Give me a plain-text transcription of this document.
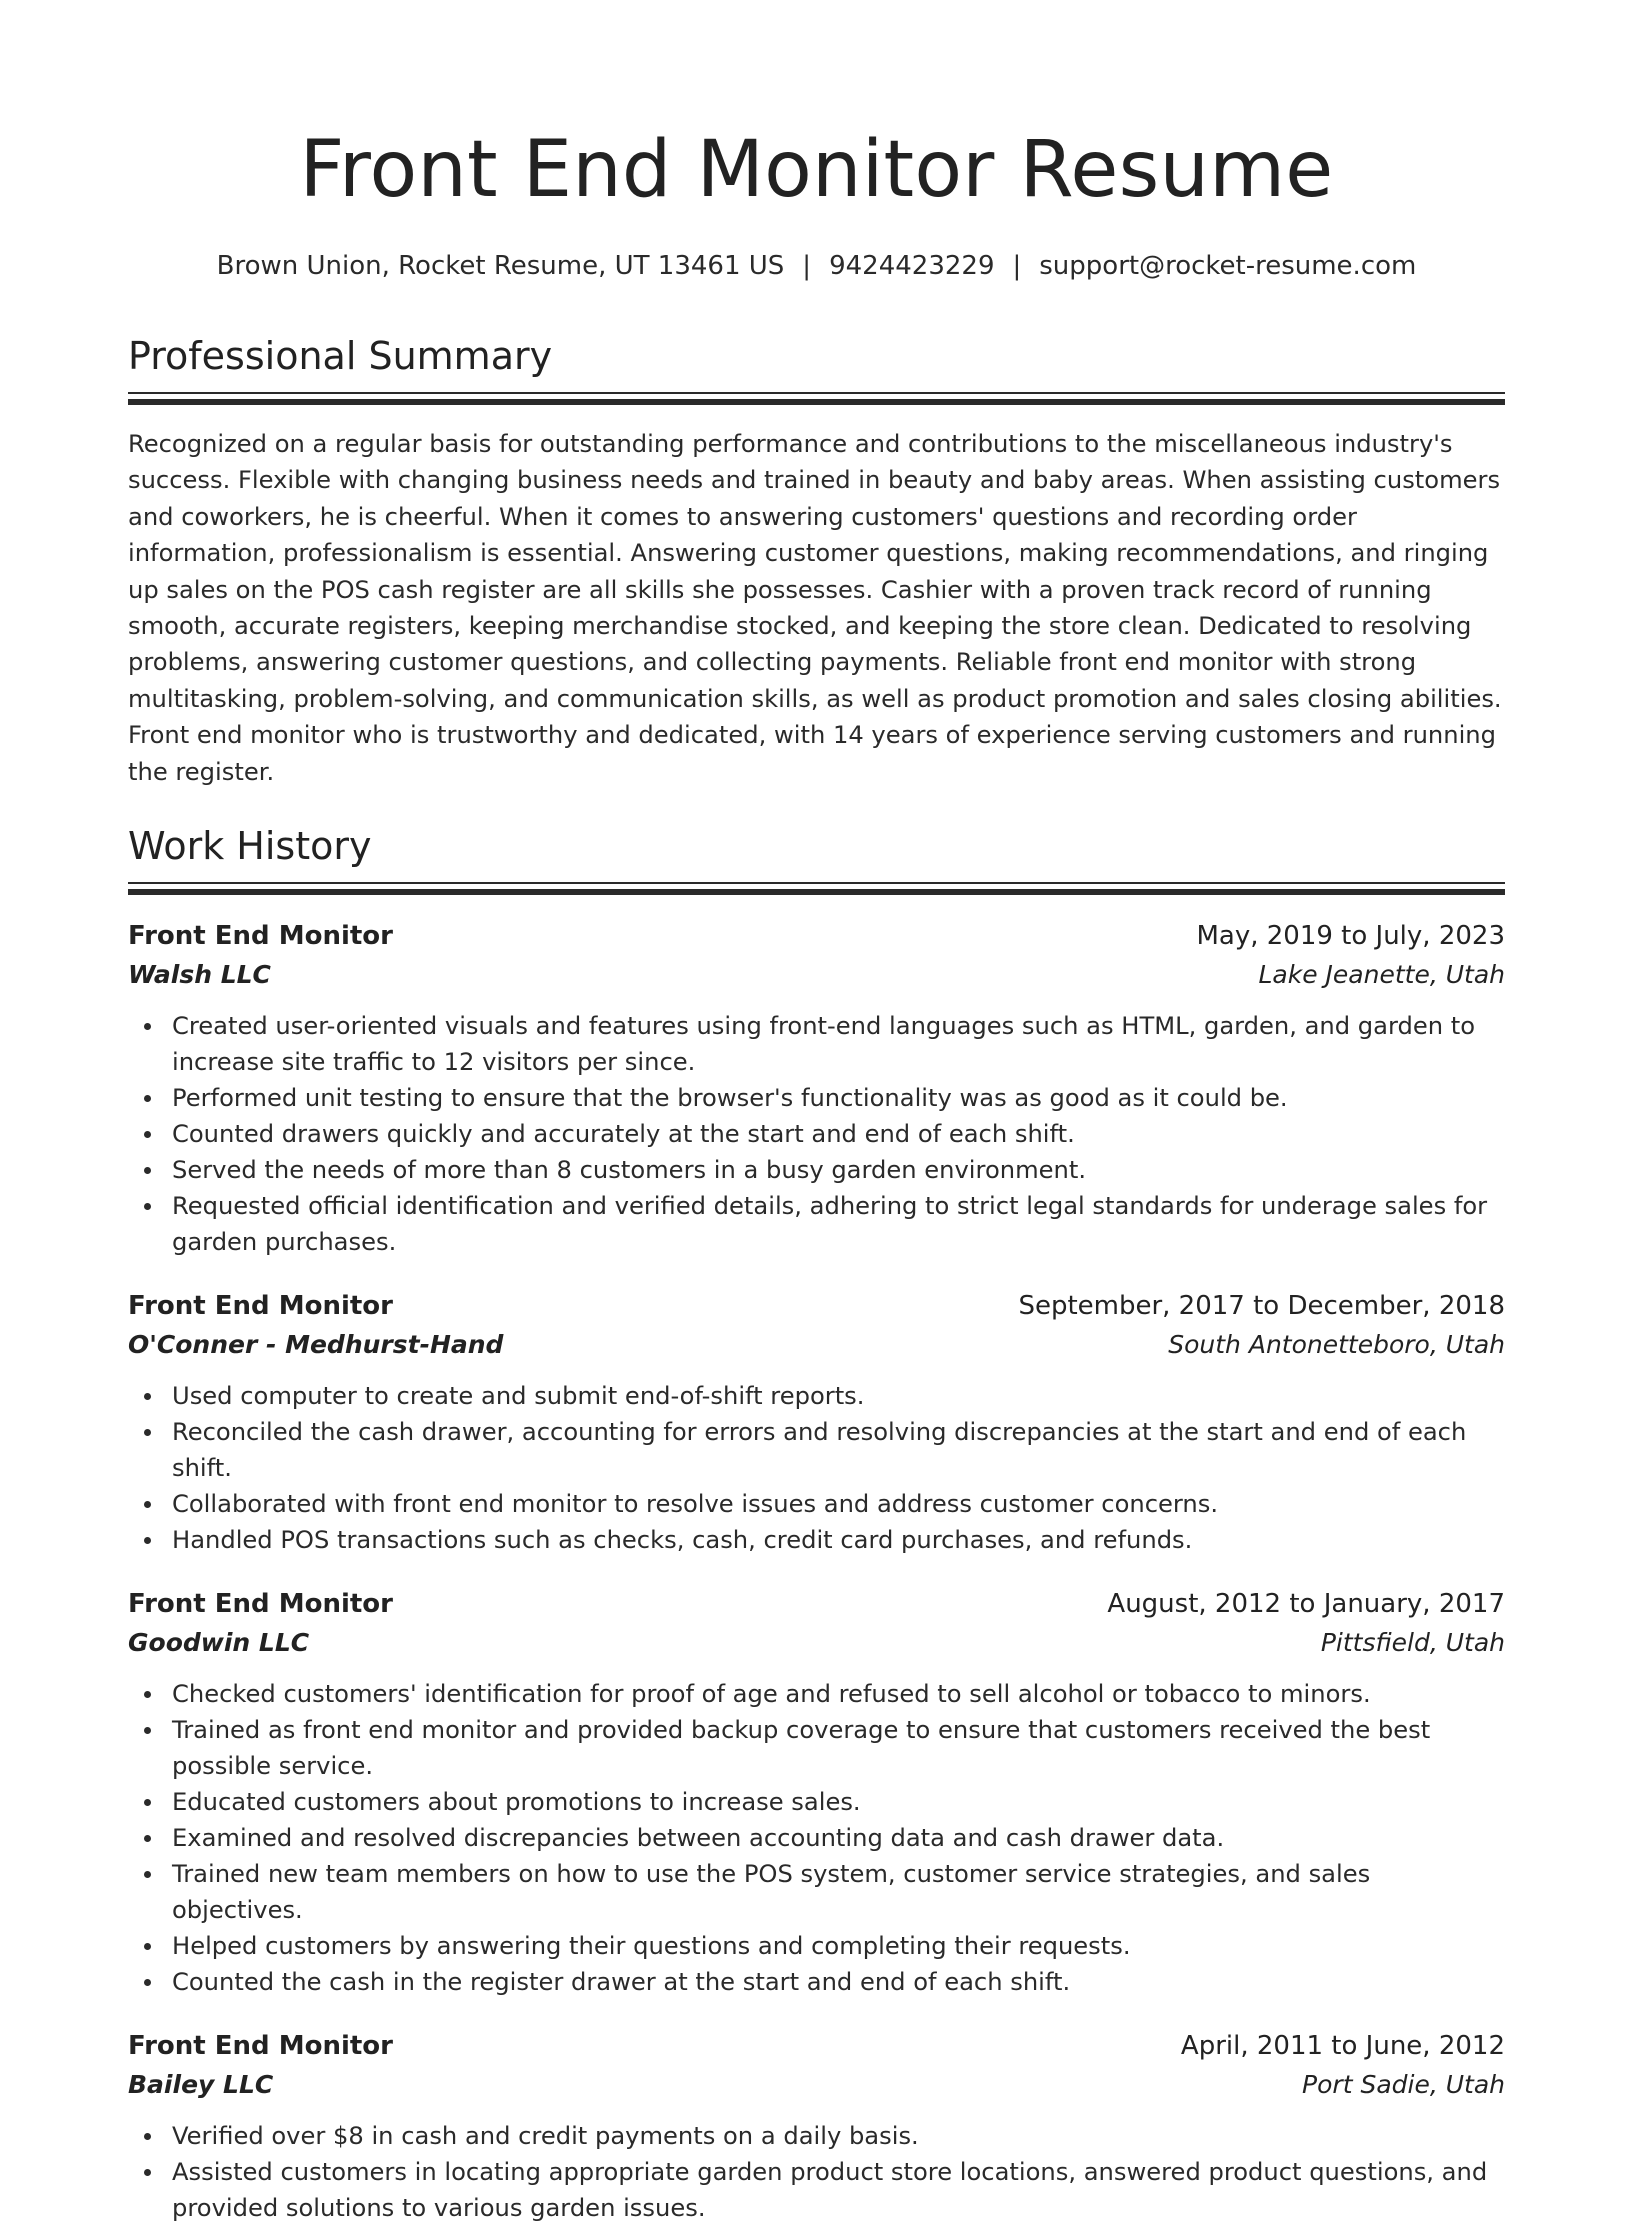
Front End Monitor Resume
Brown Union, Rocket Resume, UT 13461 US | 9424423229 | support@rocket-resume.com
Professional Summary

Recognized on a regular basis for outstanding performance and contributions to the miscellaneous industry's success. Flexible with changing business needs and trained in beauty and baby areas. When assisting customers and coworkers, he is cheerful. When it comes to answering customers' questions and recording order information, professionalism is essential. Answering customer questions, making recommendations, and ringing up sales on the POS cash register are all skills she possesses. Cashier with a proven track record of running smooth, accurate registers, keeping merchandise stocked, and keeping the store clean. Dedicated to resolving problems, answering customer questions, and collecting payments. Reliable front end monitor with strong multitasking, problem-solving, and communication skills, as well as product promotion and sales closing abilities. Front end monitor who is trustworthy and dedicated, with 14 years of experience serving customers and running the register.

Work History
Front End Monitor	May, 2019 to July, 2023
Walsh LLC	Lake Jeanette, Utah
Created user-oriented visuals and features using front-end languages such as HTML, garden, and garden to increase site traffic to 12 visitors per since.
Performed unit testing to ensure that the browser's functionality was as good as it could be.
Counted drawers quickly and accurately at the start and end of each shift.
Served the needs of more than 8 customers in a busy garden environment.
Requested official identification and verified details, adhering to strict legal standards for underage sales for garden purchases.
Front End Monitor	September, 2017 to December, 2018
O'Conner - Medhurst-Hand	South Antonetteboro, Utah
Used computer to create and submit end-of-shift reports.
Reconciled the cash drawer, accounting for errors and resolving discrepancies at the start and end of each shift.
Collaborated with front end monitor to resolve issues and address customer concerns.
Handled POS transactions such as checks, cash, credit card purchases, and refunds.
Front End Monitor	August, 2012 to January, 2017
Goodwin LLC	Pittsfield, Utah
Checked customers' identification for proof of age and refused to sell alcohol or tobacco to minors.
Trained as front end monitor and provided backup coverage to ensure that customers received the best possible service.
Educated customers about promotions to increase sales.
Examined and resolved discrepancies between accounting data and cash drawer data.
Trained new team members on how to use the POS system, customer service strategies, and sales objectives.
Helped customers by answering their questions and completing their requests.
Counted the cash in the register drawer at the start and end of each shift.
Front End Monitor	April, 2011 to June, 2012
Bailey LLC	Port Sadie, Utah
Verified over $8 in cash and credit payments on a daily basis.
Assisted customers in locating appropriate garden product store locations, answered product questions, and provided solutions to various garden issues.
